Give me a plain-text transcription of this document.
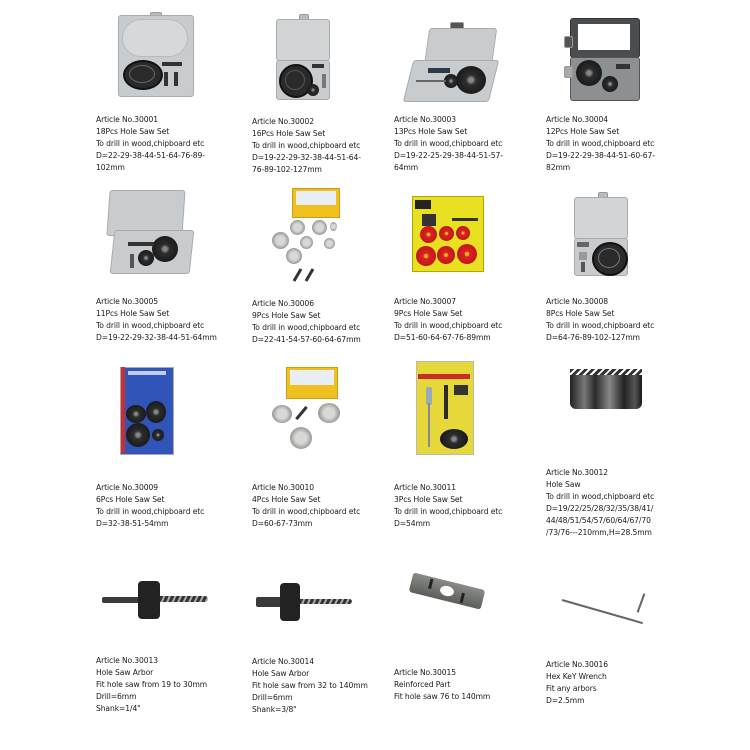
Article No.30001
18Pcs Hole Saw Set
To drill in wood,chipboard etc
D=22-29-38-44-51-64-76-89-
102mm
Article No.30002
16Pcs Hole Saw Set
To drill in wood,chipboard etc
D=19-22-29-32-38-44-51-64-
76-89-102-127mm
Article No.30003
13Pcs Hole Saw Set
To drill in wood,chipboard etc
D=19-22-25-29-38-44-51-57-
64mm
Article No.30004
12Pcs Hole Saw Set
To drill in wood,chipboard etc
D=19-22-29-38-44-51-60-67-
82mm
Article No.30005
11Pcs Hole Saw Set
To drill in wood,chipboard etc
D=19-22-29-32-38-44-51-64mm
Article No.30006
9Pcs Hole Saw Set
To drill in wood,chipboard etc
D=22-41-54-57-60-64-67mm
Article No.30007
9Pcs Hole Saw Set
To drill in wood,chipboard etc
D=51-60-64-67-76-89mm
Article No.30008
8Pcs Hole Saw Set
To drill in wood,chipboard etc
D=64-76-89-102-127mm
Article No.30009
6Pcs Hole Saw Set
To drill in wood,chipboard etc
D=32-38-51-54mm
Article No.30010
4Pcs Hole Saw Set
To drill in wood,chipboard etc
D=60-67-73mm
Article No.30011
3Pcs Hole Saw Set
To drill in wood,chipboard etc
D=54mm
Article No.30012
Hole Saw
To drill in wood,chipboard etc
D=19/22/25/28/32/35/38/41/
44/48/51/54/57/60/64/67/70
/73/76---210mm,H=28.5mm
Article No.30013
Hole Saw Arbor
Fit hole saw from 19 to 30mm
Drill=6mm
Shank=1/4"
Article No.30014
Hole Saw Arbor
Fit hole saw from 32 to 140mm
Drill=6mm
Shank=3/8"
Article No.30015
Reinforced Part
Fit hole saw 76 to 140mm
Article No.30016
Hex KeY Wrench
Fit any arbors
D=2.5mm
